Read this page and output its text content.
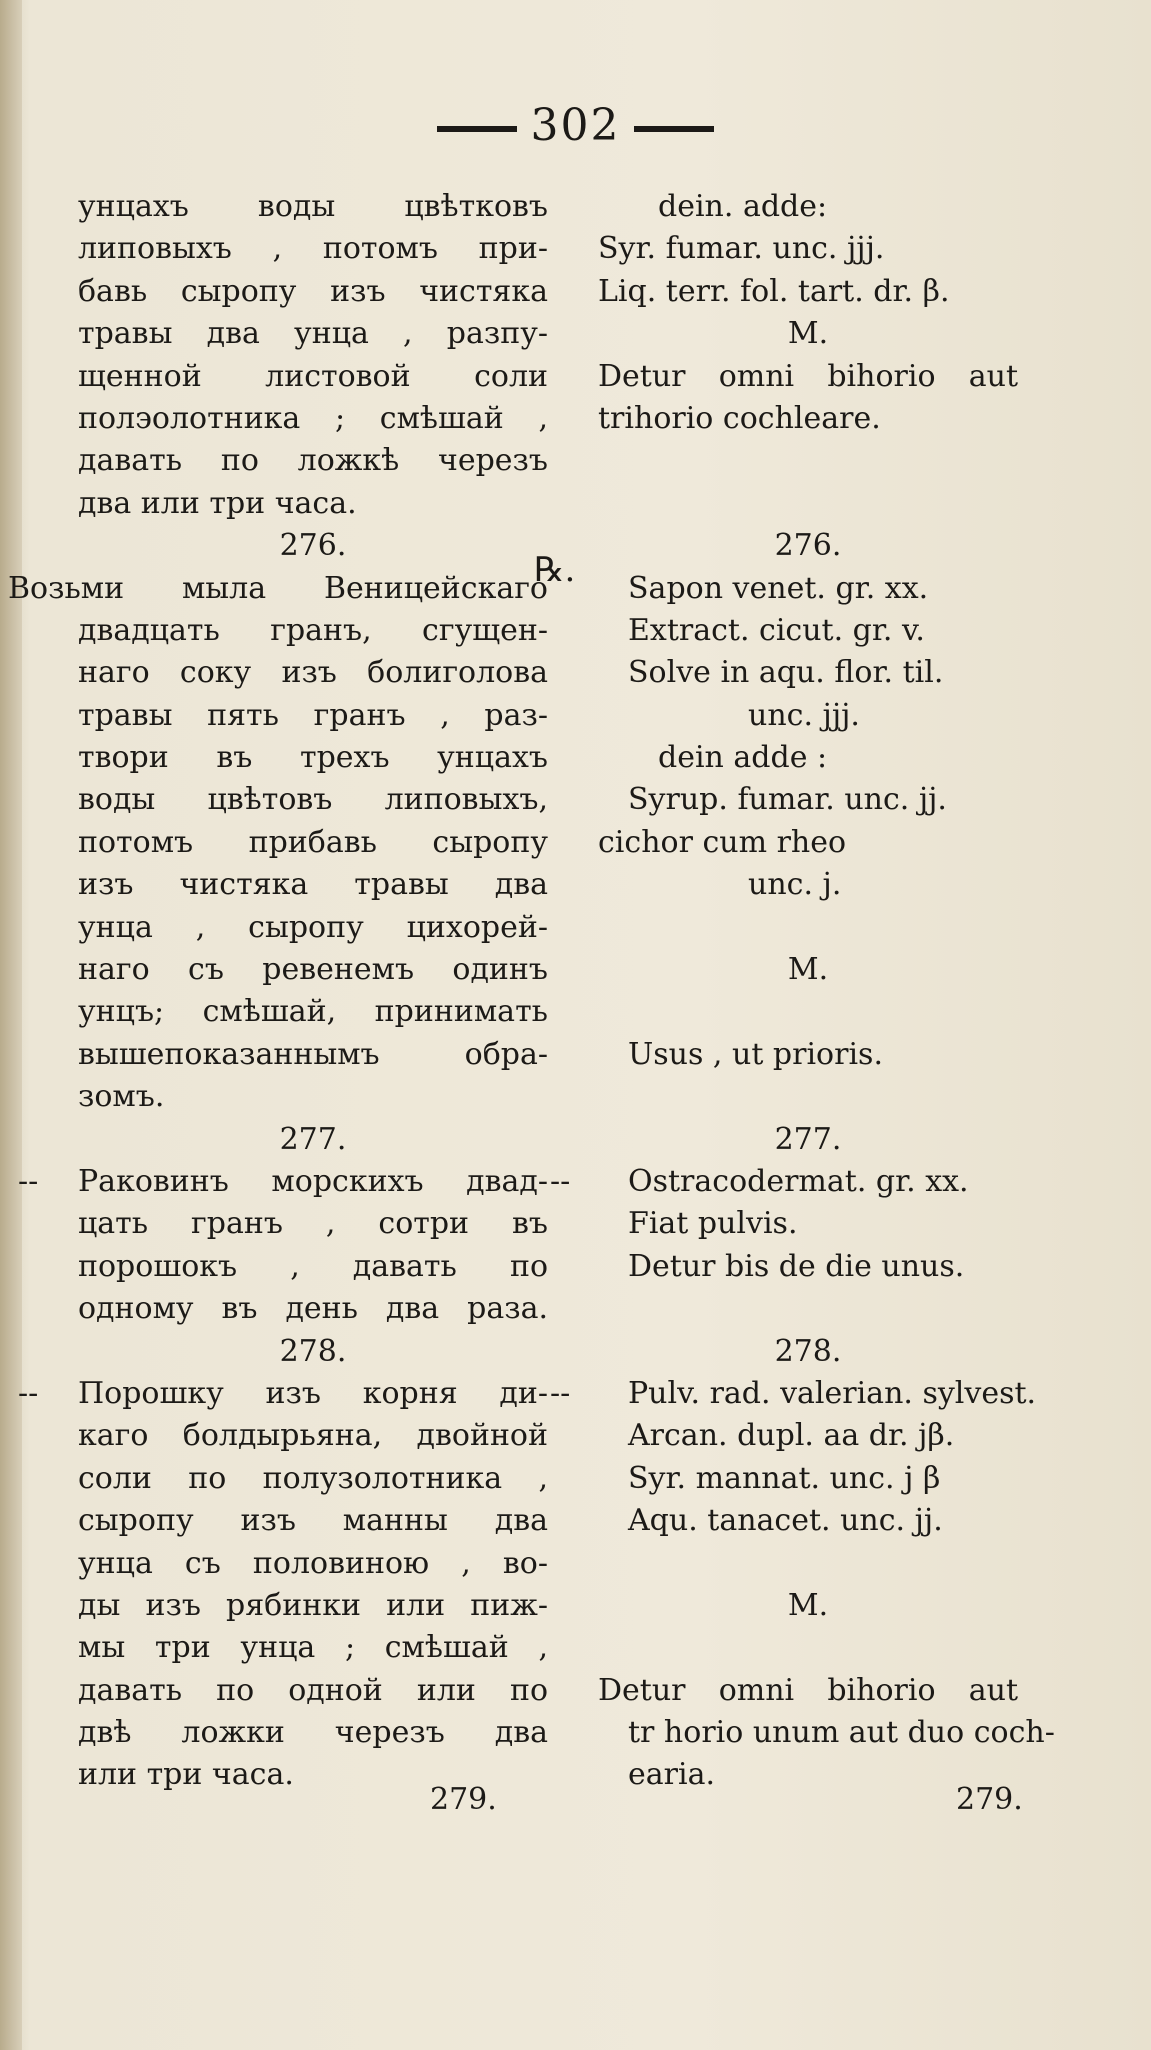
302
унцахъ воды цвѣтковъ
липовыхъ , потомъ при-
бавь сыропу изъ чистяка
травы два унца , разпу-
щенной листовой соли
полэолотника ; смѣшай ,
давать по ложкѣ черезъ
два или три часа.
276.
Возьми мыла Веницейскаго
двадцать гранъ, сгущен-
наго соку изъ болиголова
травы пять гранъ , раз-
твори въ трехъ унцахъ
воды цвѣтовъ липовыхъ,
потомъ прибавь сыропу
изъ чистяка травы два
унца , сыропу цихорей-
наго съ ревенемъ одинъ
унцъ; смѣшай, принимать
вышепоказаннымъ обра-
зомъ.
277.
-- Раковинъ морскихъ двад-
цать гранъ , сотри въ
порошокъ , давать по
одному въ день два раза.
278.
-- Порошку изъ корня ди-
каго болдырьяна, двойной
соли по полузолотника ,
сыропу изъ манны два
унца съ половиною , во-
ды изъ рябинки или пиж-
мы три унца ; смѣшай ,
давать по одной или по
двѣ ложки черезъ два
или три часа.
℞.
dein. adde:
Syr. fumar. unc. jjj.
Liq. terr. fol. tart. dr. β.
M.
Detur omni bihorio aut
trihorio cochleare.
276.
Sapon venet. gr. xx.
Extract. cicut. gr. v.
Solve in aqu. flor. til.
unc. jjj.
dein adde :
Syrup. fumar. unc. jj.
cichor cum rheo
unc. j.
M.
Usus , ut prioris.
277.
-- Ostracodermat. gr. xx.
Fiat pulvis.
Detur bis de die unus.
278.
-- Pulv. rad. valerian. sylvest.
Arcan. dupl. aa dr. jβ.
Syr. mannat. unc. j β
Aqu. tanacet. unc. jj.
M.
Detur omni bihorio aut
tr horio unum aut duo coch-
earia.
279.	279.
